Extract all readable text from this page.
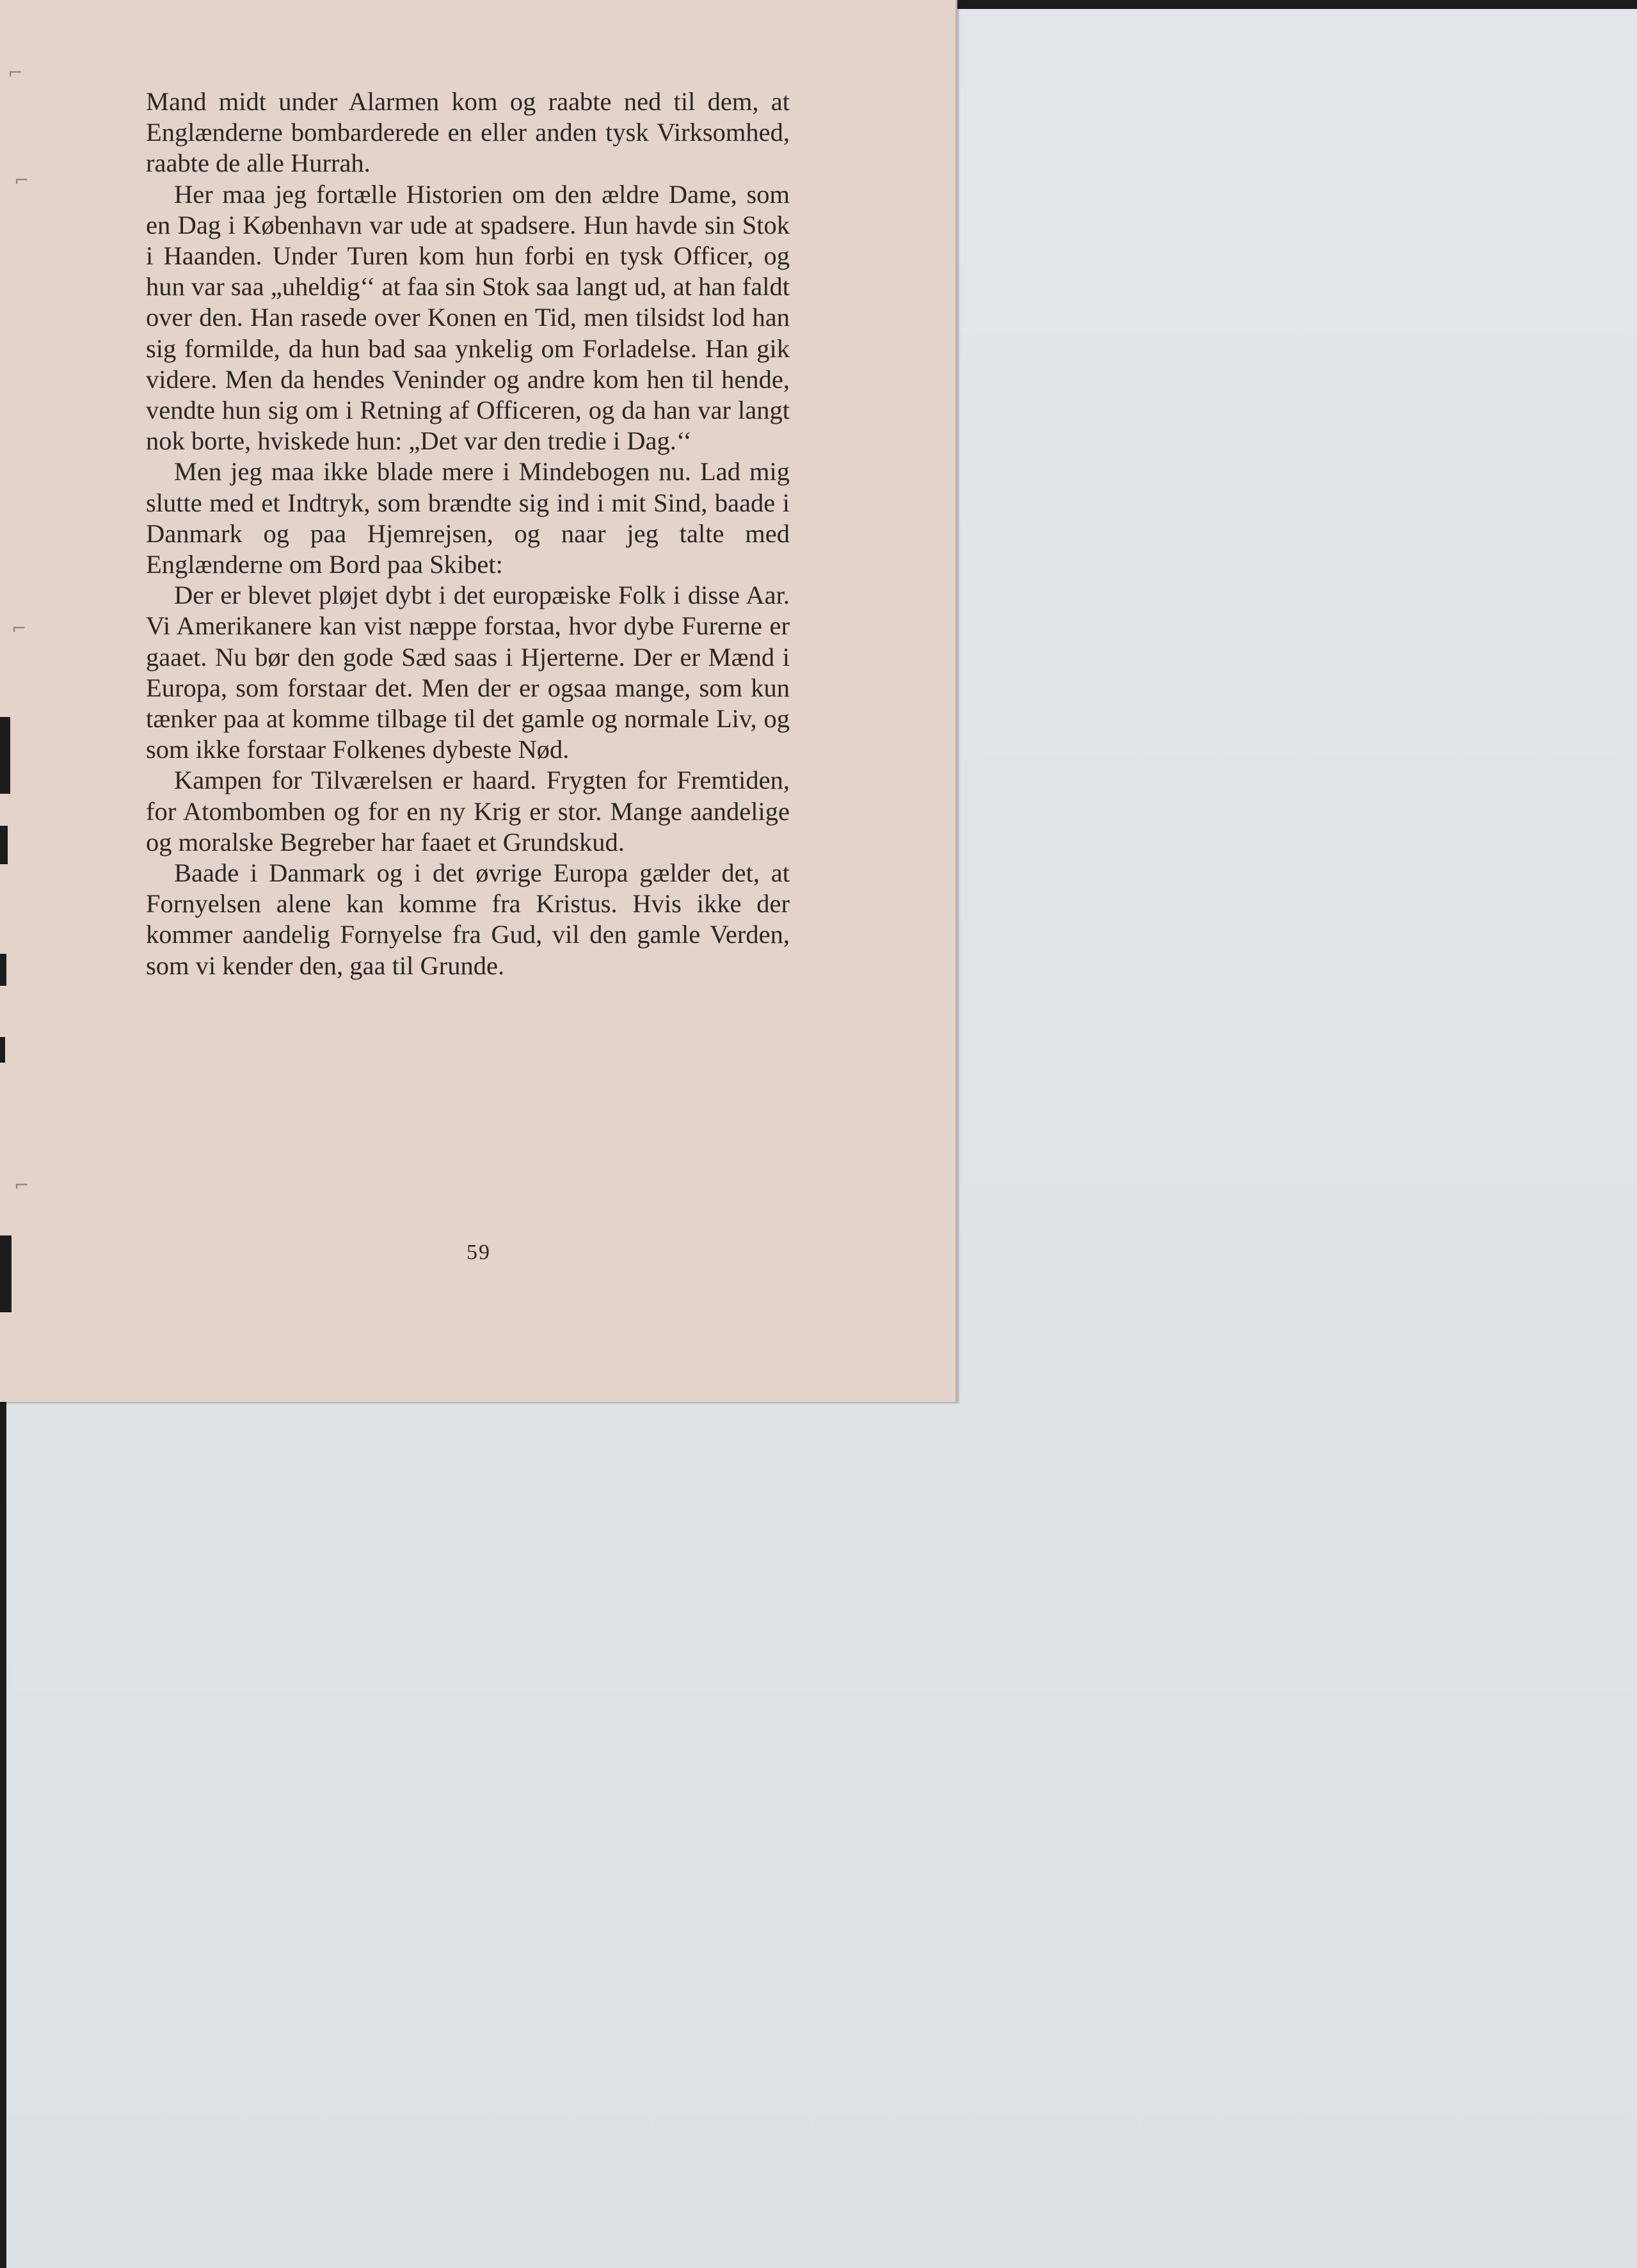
⌐
⌐
⌐
⌐

Mand midt under Alarmen kom og raabte ned til dem, at Englænderne bombarderede en eller anden tysk Virksomhed, raabte de alle Hurrah.

Her maa jeg fortælle Historien om den ældre Dame, som en Dag i København var ude at spadsere. Hun havde sin Stok i Haanden. Under Turen kom hun forbi en tysk Officer, og hun var saa „uheldig‘‘ at faa sin Stok saa langt ud, at han faldt over den. Han rasede over Konen en Tid, men tilsidst lod han sig formilde, da hun bad saa ynkelig om Forladelse. Han gik videre. Men da hendes Veninder og andre kom hen til hende, vendte hun sig om i Retning af Officeren, og da han var langt nok borte, hviskede hun: „Det var den tredie i Dag.‘‘

Men jeg maa ikke blade mere i Mindebogen nu. Lad mig slutte med et Indtryk, som brændte sig ind i mit Sind, baade i Danmark og paa Hjemrejsen, og naar jeg talte med Englænderne om Bord paa Skibet:

Der er blevet pløjet dybt i det europæiske Folk i disse Aar. Vi Amerikanere kan vist næppe forstaa, hvor dybe Furerne er gaaet. Nu bør den gode Sæd saas i Hjerterne. Der er Mænd i Europa, som forstaar det. Men der er ogsaa mange, som kun tænker paa at komme tilbage til det gamle og normale Liv, og som ikke forstaar Folkenes dybeste Nød.

Kampen for Tilværelsen er haard. Frygten for Fremtiden, for Atombomben og for en ny Krig er stor. Mange aandelige og moralske Begreber har faaet et Grundskud.

Baade i Danmark og i det øvrige Europa gælder det, at Fornyelsen alene kan komme fra Kristus. Hvis ikke der kommer aandelig Fornyelse fra Gud, vil den gamle Verden, som vi kender den, gaa til Grunde.

59
